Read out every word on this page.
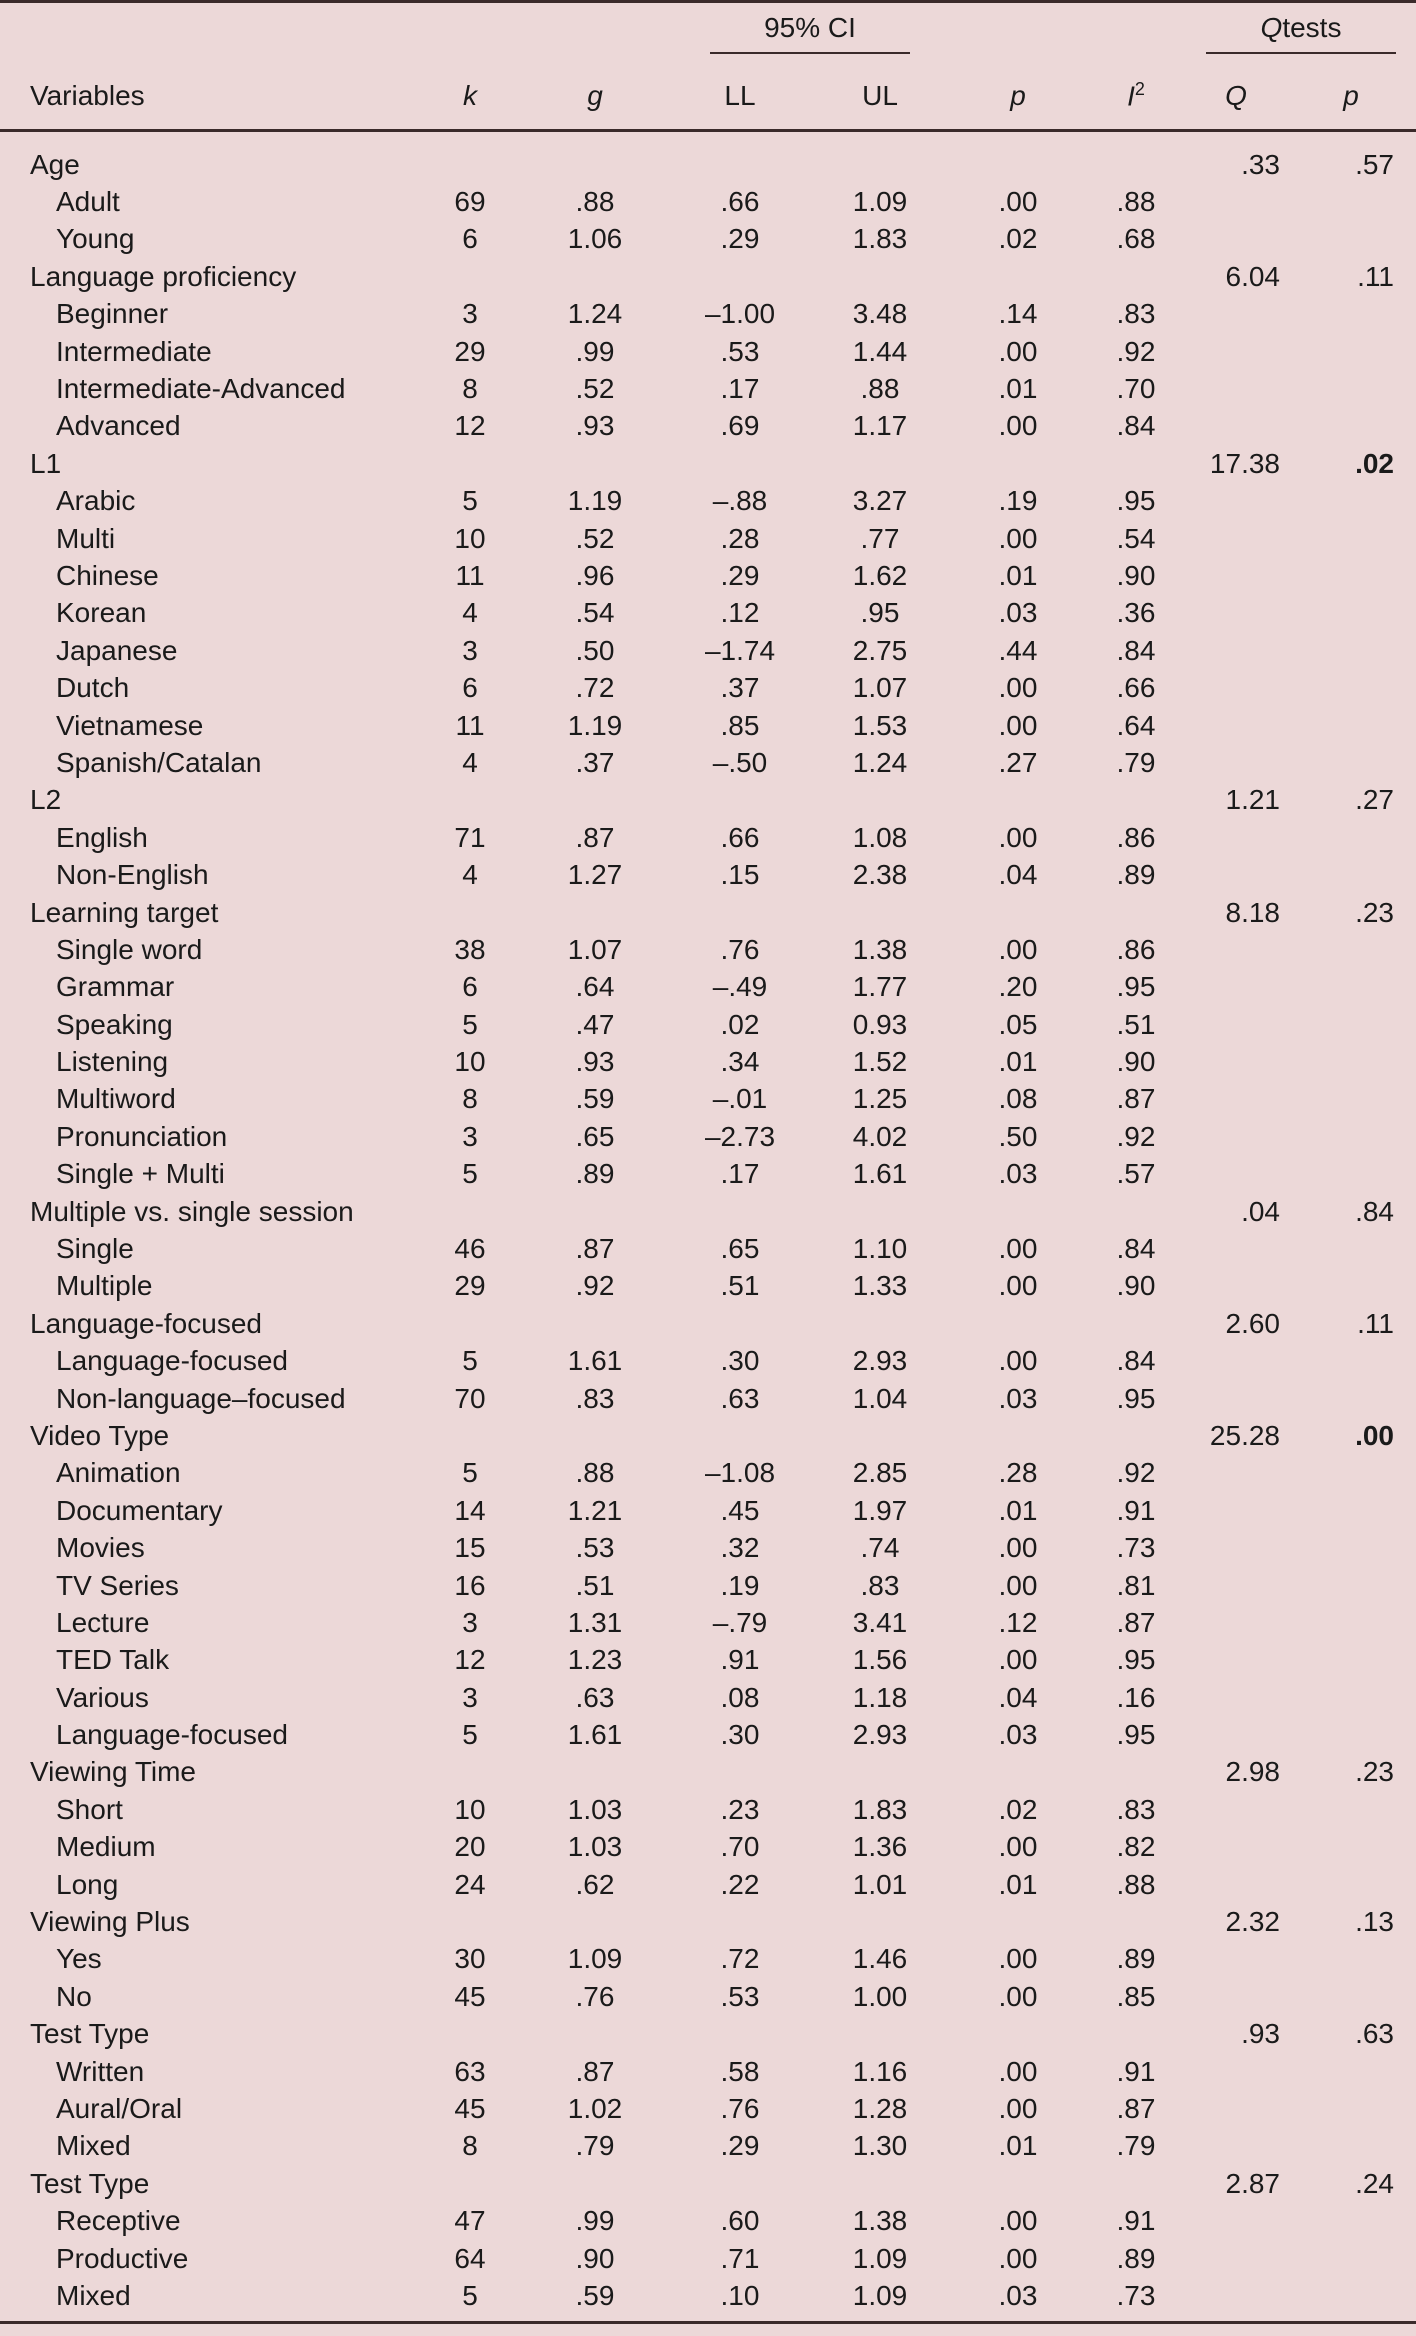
			95% CI				Qtests	
Variables	k	g	LL	UL	p	$I^2$	Q	p
Age							.33	.57
Adult	69	.88	.66	1.09	.00	.88		
Young	6	1.06	.29	1.83	.02	.68		
Language proficiency							6.04	.11
Beginner	3	1.24	–1.00	3.48	.14	.83		
Intermediate	29	.99	.53	1.44	.00	.92		
Intermediate-Advanced	8	.52	.17	.88	.01	.70		
Advanced	12	.93	.69	1.17	.00	.84		
L1							17.38	.02
Arabic	5	1.19	–.88	3.27	.19	.95		
Multi	10	.52	.28	.77	.00	.54		
Chinese	11	.96	.29	1.62	.01	.90		
Korean	4	.54	.12	.95	.03	.36		
Japanese	3	.50	–1.74	2.75	.44	.84		
Dutch	6	.72	.37	1.07	.00	.66		
Vietnamese	11	1.19	.85	1.53	.00	.64		
Spanish/Catalan	4	.37	–.50	1.24	.27	.79		
L2							1.21	.27
English	71	.87	.66	1.08	.00	.86		
Non-English	4	1.27	.15	2.38	.04	.89		
Learning target							8.18	.23
Single word	38	1.07	.76	1.38	.00	.86		
Grammar	6	.64	–.49	1.77	.20	.95		
Speaking	5	.47	.02	0.93	.05	.51		
Listening	10	.93	.34	1.52	.01	.90		
Multiword	8	.59	–.01	1.25	.08	.87		
Pronunciation	3	.65	–2.73	4.02	.50	.92		
Single + Multi	5	.89	.17	1.61	.03	.57		
Multiple vs. single session							.04	.84
Single	46	.87	.65	1.10	.00	.84		
Multiple	29	.92	.51	1.33	.00	.90		
Language-focused							2.60	.11
Language-focused	5	1.61	.30	2.93	.00	.84		
Non-language–focused	70	.83	.63	1.04	.03	.95		
Video Type							25.28	.00
Animation	5	.88	–1.08	2.85	.28	.92		
Documentary	14	1.21	.45	1.97	.01	.91		
Movies	15	.53	.32	.74	.00	.73		
TV Series	16	.51	.19	.83	.00	.81		
Lecture	3	1.31	–.79	3.41	.12	.87		
TED Talk	12	1.23	.91	1.56	.00	.95		
Various	3	.63	.08	1.18	.04	.16		
Language-focused	5	1.61	.30	2.93	.03	.95		
Viewing Time							2.98	.23
Short	10	1.03	.23	1.83	.02	.83		
Medium	20	1.03	.70	1.36	.00	.82		
Long	24	.62	.22	1.01	.01	.88		
Viewing Plus							2.32	.13
Yes	30	1.09	.72	1.46	.00	.89		
No	45	.76	.53	1.00	.00	.85		
Test Type							.93	.63
Written	63	.87	.58	1.16	.00	.91		
Aural/Oral	45	1.02	.76	1.28	.00	.87		
Mixed	8	.79	.29	1.30	.01	.79		
Test Type							2.87	.24
Receptive	47	.99	.60	1.38	.00	.91		
Productive	64	.90	.71	1.09	.00	.89		
Mixed	5	.59	.10	1.09	.03	.73		
